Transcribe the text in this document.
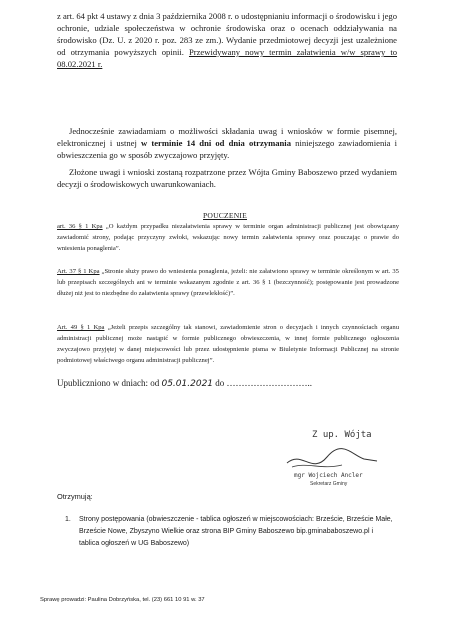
z art. 64 pkt 4 ustawy z dnia 3 października 2008 r. o udostępnianiu informacji o środowisku i jego ochronie, udziale społeczeństwa w ochronie środowiska oraz o ocenach oddziaływania na środowisko (Dz. U. z 2020 r. poz. 283 ze zm.). Wydanie przedmiotowej decyzji jest uzależnione od otrzymania powyższych opinii. Przewidywany nowy termin załatwienia w/w sprawy to 08.02.2021 r.
Jednocześnie zawiadamiam o możliwości składania uwag i wniosków w formie pisemnej, elektronicznej i ustnej w terminie 14 dni od dnia otrzymania niniejszego zawiadomienia i obwieszczenia go w sposób zwyczajowo przyjęty.
Złożone uwagi i wnioski zostaną rozpatrzone przez Wójta Gminy Baboszewo przed wydaniem decyzji o środowiskowych uwarunkowaniach.
POUCZENIE
art. 36 § 1 Kpa „O każdym przypadku niezałatwienia sprawy w terminie organ administracji publicznej jest obowiązany zawiadomić strony, podając przyczyny zwłoki, wskazując nowy termin załatwienia sprawy oraz pouczając o prawie do wniesienia ponaglenia”.
Art. 37 § 1 Kpa „Stronie służy prawo do wniesienia ponaglenia, jeżeli: nie załatwiono sprawy w terminie określonym w art. 35 lub przepisach szczególnych ani w terminie wskazanym zgodnie z art. 36 § 1 (bezczynność); postępowanie jest prowadzone dłużej niż jest to niezbędne do załatwienia sprawy (przewlekłość)”.
Art. 49 § 1 Kpa „Jeżeli przepis szczególny tak stanowi, zawiadomienie stron o decyzjach i innych czynnościach organu administracji publicznej może nastąpić w formie publicznego obwieszczenia, w innej formie publicznego ogłoszenia zwyczajowo przyjętej w danej miejscowości lub przez udostępnienie pisma w Biuletynie Informacji Publicznej na stronie podmiotowej właściwego organu administracji publicznej”.
Upubliczniono w dniach: od 05.01.2021 do ………………………..
Z up. Wójta
mgr Wojciech Ancler
Sekretarz Gminy
Otrzymują:
1. Strony postępowania (obwieszczenie - tablica ogłoszeń w miejscowościach: Brzeście, Brzeście Małe, Brzeście Nowe, Zbyszyno Wielkie oraz strona BIP Gminy Baboszewo bip.gminababoszewo.pl i tablica ogłoszeń w UG Baboszewo)
Sprawę prowadzi: Paulina Dobrzyńska, tel. (23) 661 10 91 w. 37
